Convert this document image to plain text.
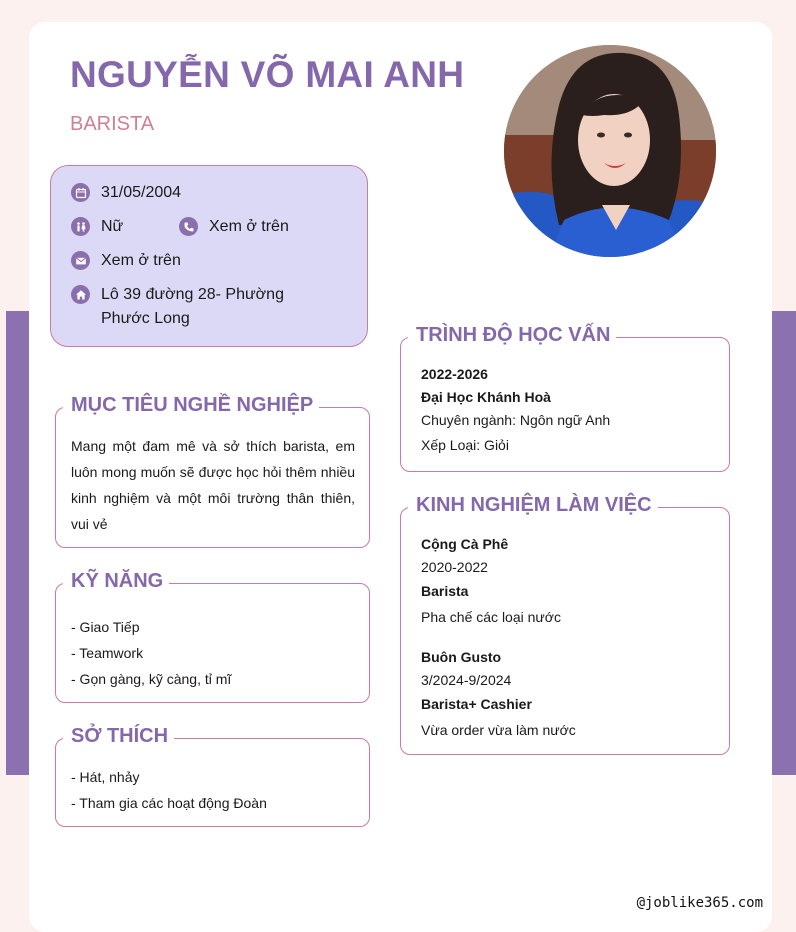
NGUYỄN VÕ MAI ANH
BARISTA
31/05/2004
Nữ	Xem ở trên
Xem ở trên
Lô 39 đường 28- Phường Phước Long
MỤC TIÊU NGHỀ NGHIỆP
Mang một đam mê và sở thích barista, em luôn mong muốn sẽ được học hỏi thêm nhiều kinh nghiệm và một môi trường thân thiên, vui vẻ
KỸ NĂNG
- Giao Tiếp
- Teamwork
- Gọn gàng, kỹ càng, tỉ mĩ
SỞ THÍCH
- Hát, nhảy
- Tham gia các hoạt động Đoàn
TRÌNH ĐỘ HỌC VẤN
2022-2026
Đại Học Khánh Hoà
Chuyên ngành: Ngôn ngữ Anh
Xếp Loại: Giỏi
KINH NGHIỆM LÀM VIỆC
Cộng Cà Phê
2020-2022
Barista
Pha chế các loại nước
Buôn Gusto
3/2024-9/2024
Barista+ Cashier
Vừa order vừa làm nước
@joblike365.com
